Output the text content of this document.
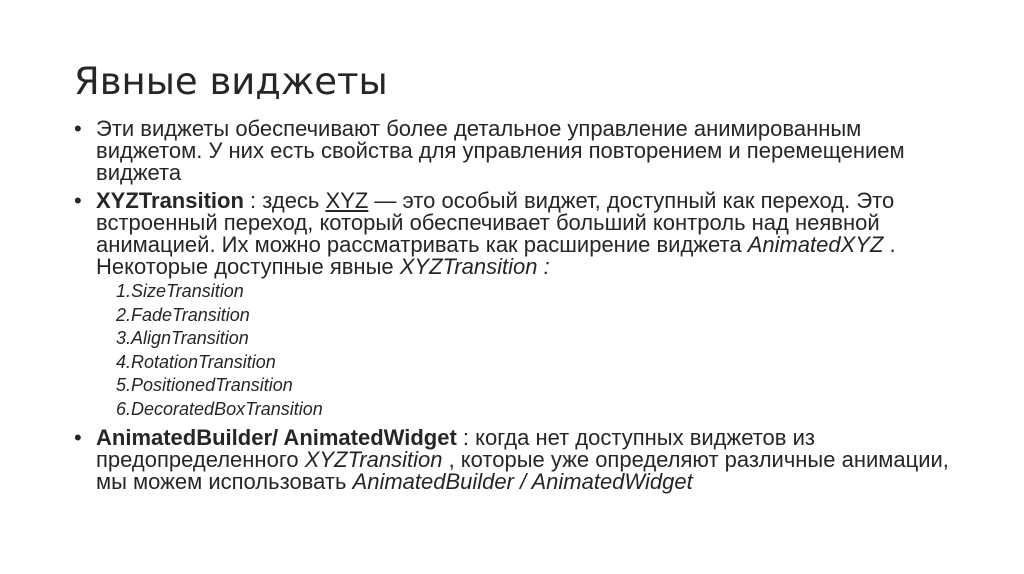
Явные виджеты
• Эти виджеты обеспечивают более детальное управление анимированным виджетом. У них есть свойства для управления повторением и перемещением виджета
• XYZTransition : здесь XYZ — это особый виджет, доступный как переход. Это встроенный переход, который обеспечивает больший контроль над неявной анимацией. Их можно рассматривать как расширение виджета AnimatedXYZ . Некоторые доступные явные XYZTransition :
1.SizeTransition
2.FadeTransition
3.AlignTransition
4.RotationTransition
5.PositionedTransition
6.DecoratedBoxTransition
• AnimatedBuilder/ AnimatedWidget : когда нет доступных виджетов из предопределенного XYZTransition , которые уже определяют различные анимации, мы можем использовать AnimatedBuilder / AnimatedWidget
